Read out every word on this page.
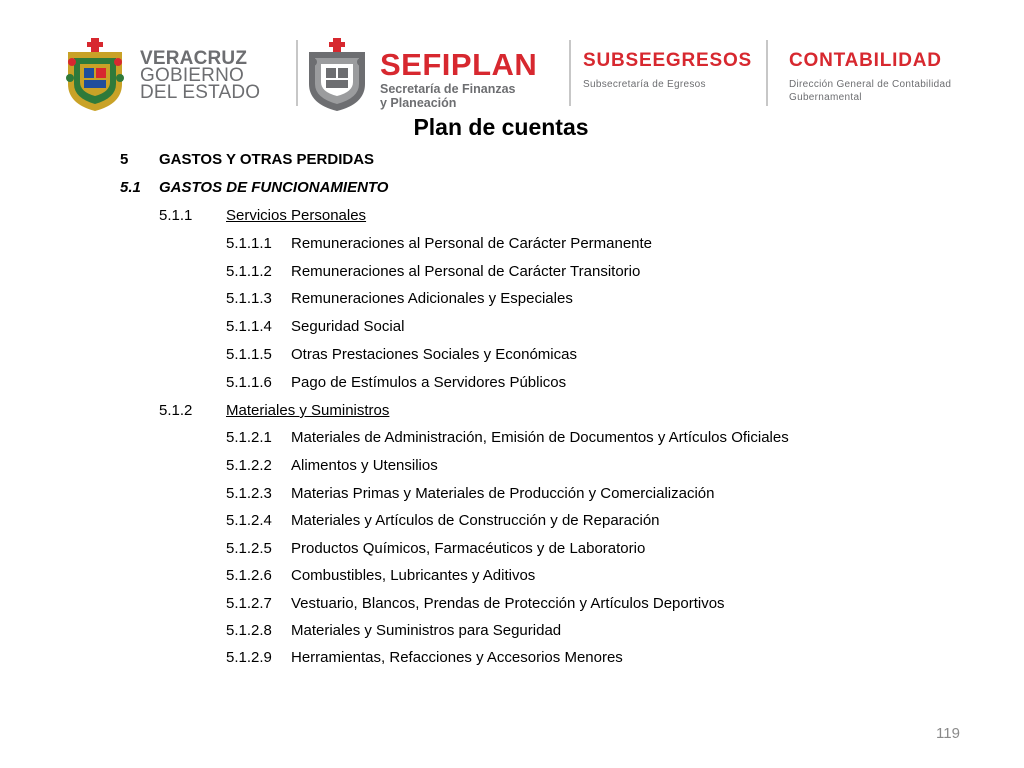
VERACRUZ
GOBIERNO
DEL ESTADO
SEFIPLAN
Secretaría de Finanzas
y Planeación
SUBSEEGRESOS
Subsecretaría de Egresos
CONTABILIDAD
Dirección General de Contabilidad
Gubernamental
Plan de cuentas
5 GASTOS Y OTRAS PERDIDAS
5.1 GASTOS DE FUNCIONAMIENTO
5.1.1 Servicios Personales
5.1.1.1 Remuneraciones al Personal de Carácter Permanente
5.1.1.2 Remuneraciones al Personal de Carácter Transitorio
5.1.1.3 Remuneraciones Adicionales y Especiales
5.1.1.4 Seguridad Social
5.1.1.5 Otras Prestaciones Sociales y Económicas
5.1.1.6 Pago de Estímulos a Servidores Públicos
5.1.2 Materiales y Suministros
5.1.2.1 Materiales de Administración, Emisión de Documentos y Artículos Oficiales
5.1.2.2 Alimentos y Utensilios
5.1.2.3 Materias Primas y Materiales de Producción y Comercialización
5.1.2.4 Materiales y Artículos de Construcción y de Reparación
5.1.2.5 Productos Químicos, Farmacéuticos y de Laboratorio
5.1.2.6 Combustibles, Lubricantes y Aditivos
5.1.2.7 Vestuario, Blancos, Prendas de Protección y Artículos Deportivos
5.1.2.8 Materiales y Suministros para Seguridad
5.1.2.9 Herramientas, Refacciones y Accesorios Menores
119
